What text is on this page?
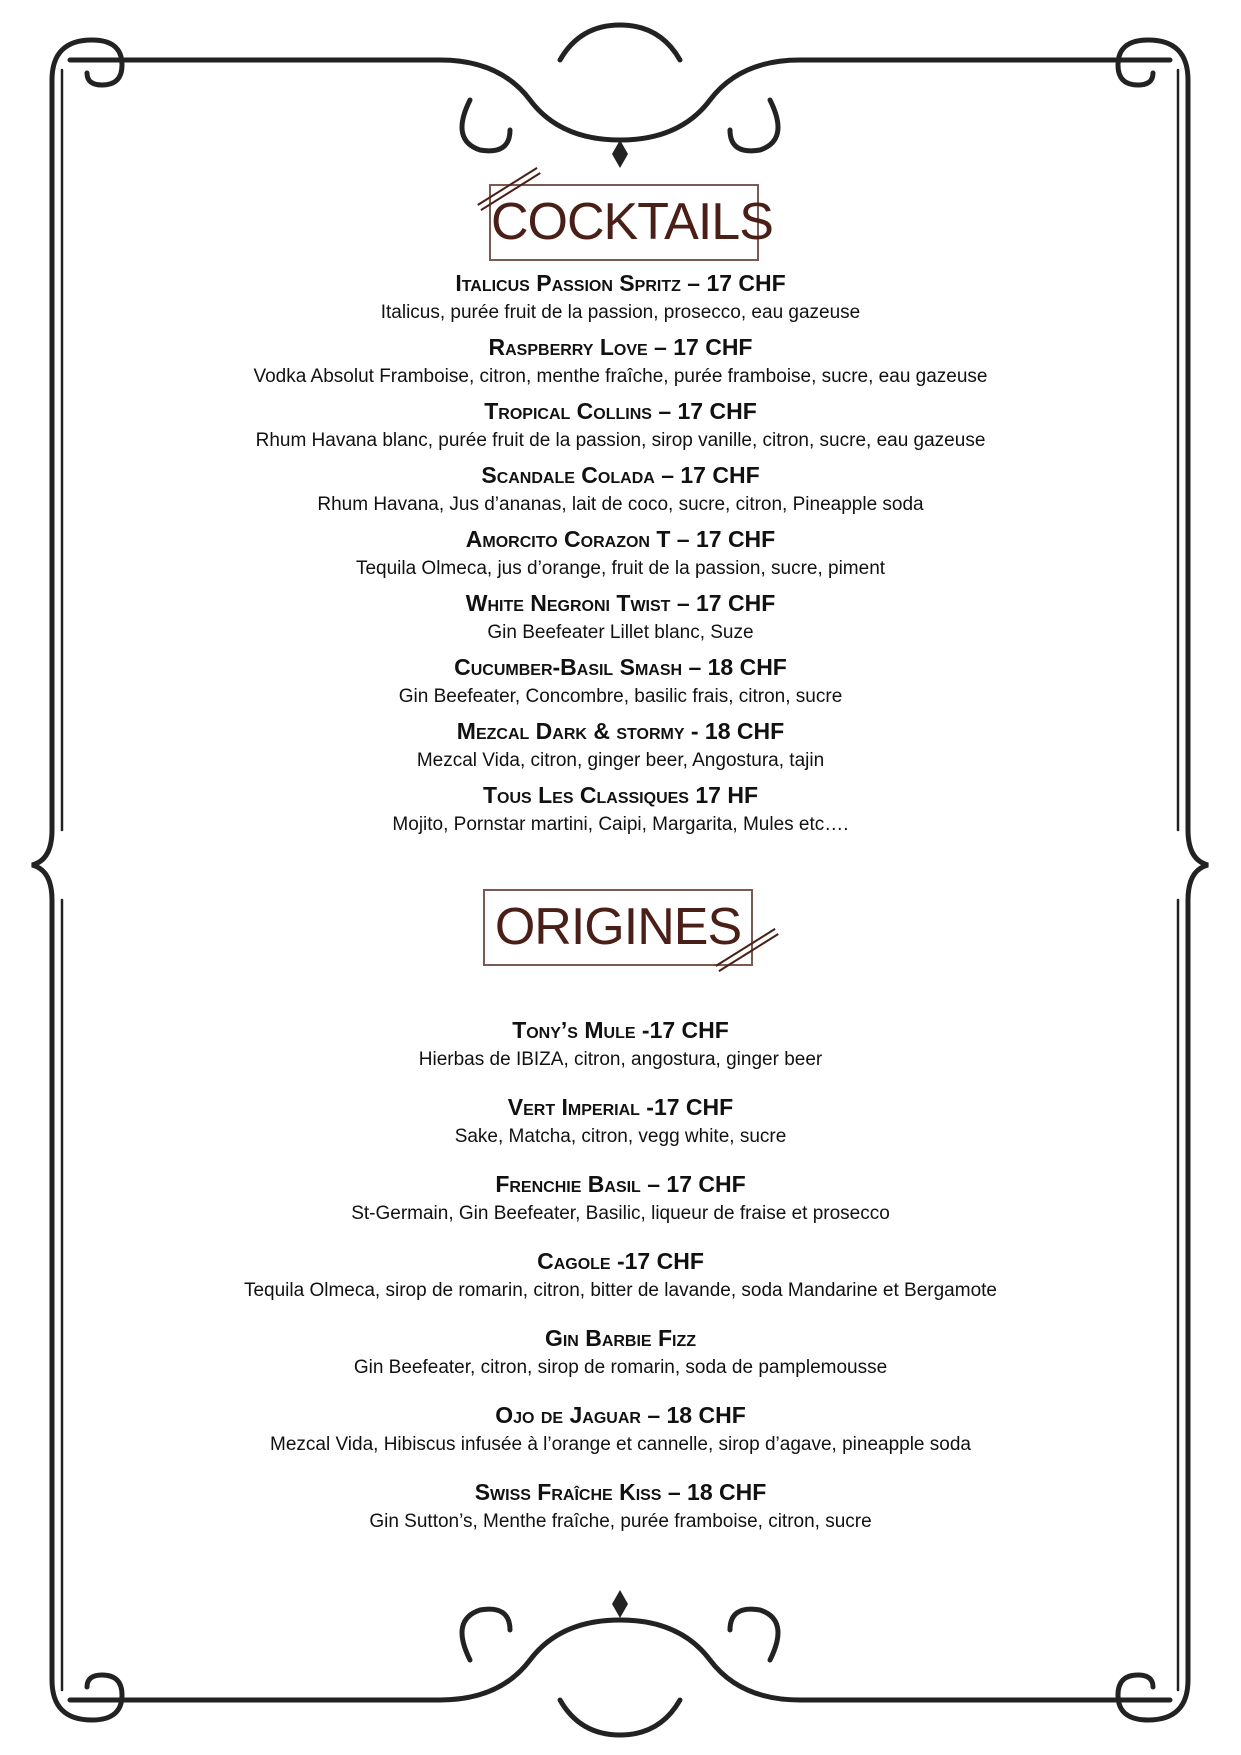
COCKTAILS
Italicus Passion Spritz – 17 CHF
Italicus, purée fruit de la passion, prosecco, eau gazeuse
Raspberry Love – 17 CHF
Vodka Absolut Framboise, citron, menthe fraîche, purée framboise, sucre, eau gazeuse
Tropical Collins – 17 CHF
Rhum Havana blanc, purée fruit de la passion, sirop vanille, citron, sucre, eau gazeuse
Scandale Colada – 17 CHF
Rhum Havana, Jus d’ananas, lait de coco, sucre, citron, Pineapple soda
Amorcito Corazon T – 17 CHF
Tequila Olmeca, jus d’orange, fruit de la passion, sucre, piment
White Negroni Twist – 17 CHF
Gin Beefeater Lillet blanc, Suze
Cucumber-Basil Smash – 18 CHF
Gin Beefeater, Concombre, basilic frais, citron, sucre
Mezcal Dark & stormy - 18 CHF
Mezcal Vida, citron, ginger beer, Angostura, tajin
Tous Les Classiques 17 HF
Mojito, Pornstar martini, Caipi, Margarita, Mules etc….
ORIGINES
Tony’s Mule -17 CHF
Hierbas de IBIZA, citron, angostura, ginger beer
Vert Imperial -17 CHF
Sake, Matcha, citron, vegg white, sucre
Frenchie Basil – 17 CHF
St-Germain, Gin Beefeater, Basilic, liqueur de fraise et prosecco
Cagole -17 CHF
Tequila Olmeca, sirop de romarin, citron, bitter de lavande, soda Mandarine et Bergamote
Gin Barbie Fizz
Gin Beefeater, citron, sirop de romarin, soda de pamplemousse
Ojo de Jaguar – 18 CHF
Mezcal Vida, Hibiscus infusée à l’orange et cannelle, sirop d’agave, pineapple soda
Swiss Fraîche Kiss – 18 CHF
Gin Sutton’s, Menthe fraîche, purée framboise, citron, sucre
